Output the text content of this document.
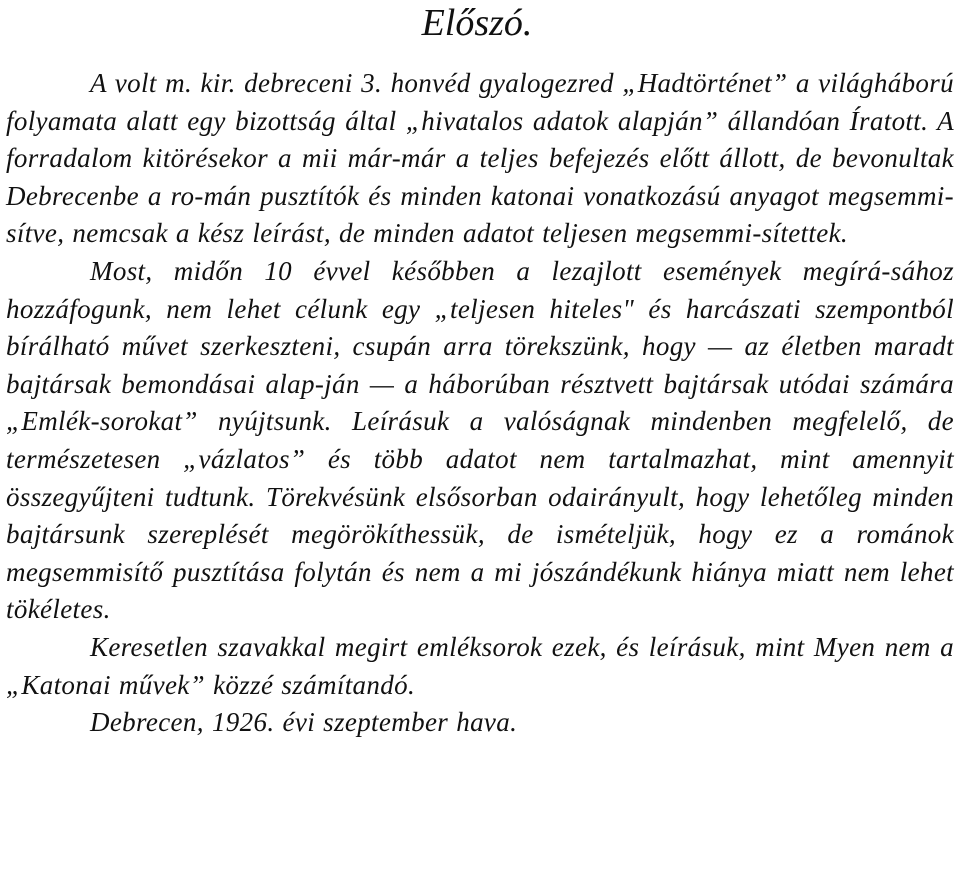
Előszó.

A volt m. kir. debreceni 3. honvéd gyalogezred „Hadtörténet” a világháború folyamata alatt egy bizottság által „hivatalos adatok alapján” állandóan Íratott. A forradalom kitörésekor a mii már-már a teljes befejezés előtt állott, de bevonultak Debrecenbe a ro-mán pusztítók és minden katonai vonatkozású anyagot megsemmi-sítve, nemcsak a kész leírást, de minden adatot teljesen megsemmi-sítettek.

Most, midőn 10 évvel későbben a lezajlott események megírá-sához hozzáfogunk, nem lehet célunk egy „teljesen hiteles" és harcászati szempontból bírálható művet szerkeszteni, csupán arra törekszünk, hogy — az életben maradt bajtársak bemondásai alap-ján — a háborúban résztvett bajtársak utódai számára „Emlék-sorokat” nyújtsunk. Leírásuk a valóságnak mindenben megfelelő, de természetesen „vázlatos” és több adatot nem tartalmazhat, mint amennyit összegyűjteni tudtunk. Törekvésünk elsősorban odairányult, hogy lehetőleg minden bajtársunk szereplését megörökíthessük, de ismételjük, hogy ez a románok megsemmisítő pusztítása folytán és nem a mi jószándékunk hiánya miatt nem lehet tökéletes.

Keresetlen szavakkal megirt emléksorok ezek, és leírásuk, mint Myen nem a „Katonai művek” közzé számítandó.

Debrecen, 1926. évi szeptember hava.
